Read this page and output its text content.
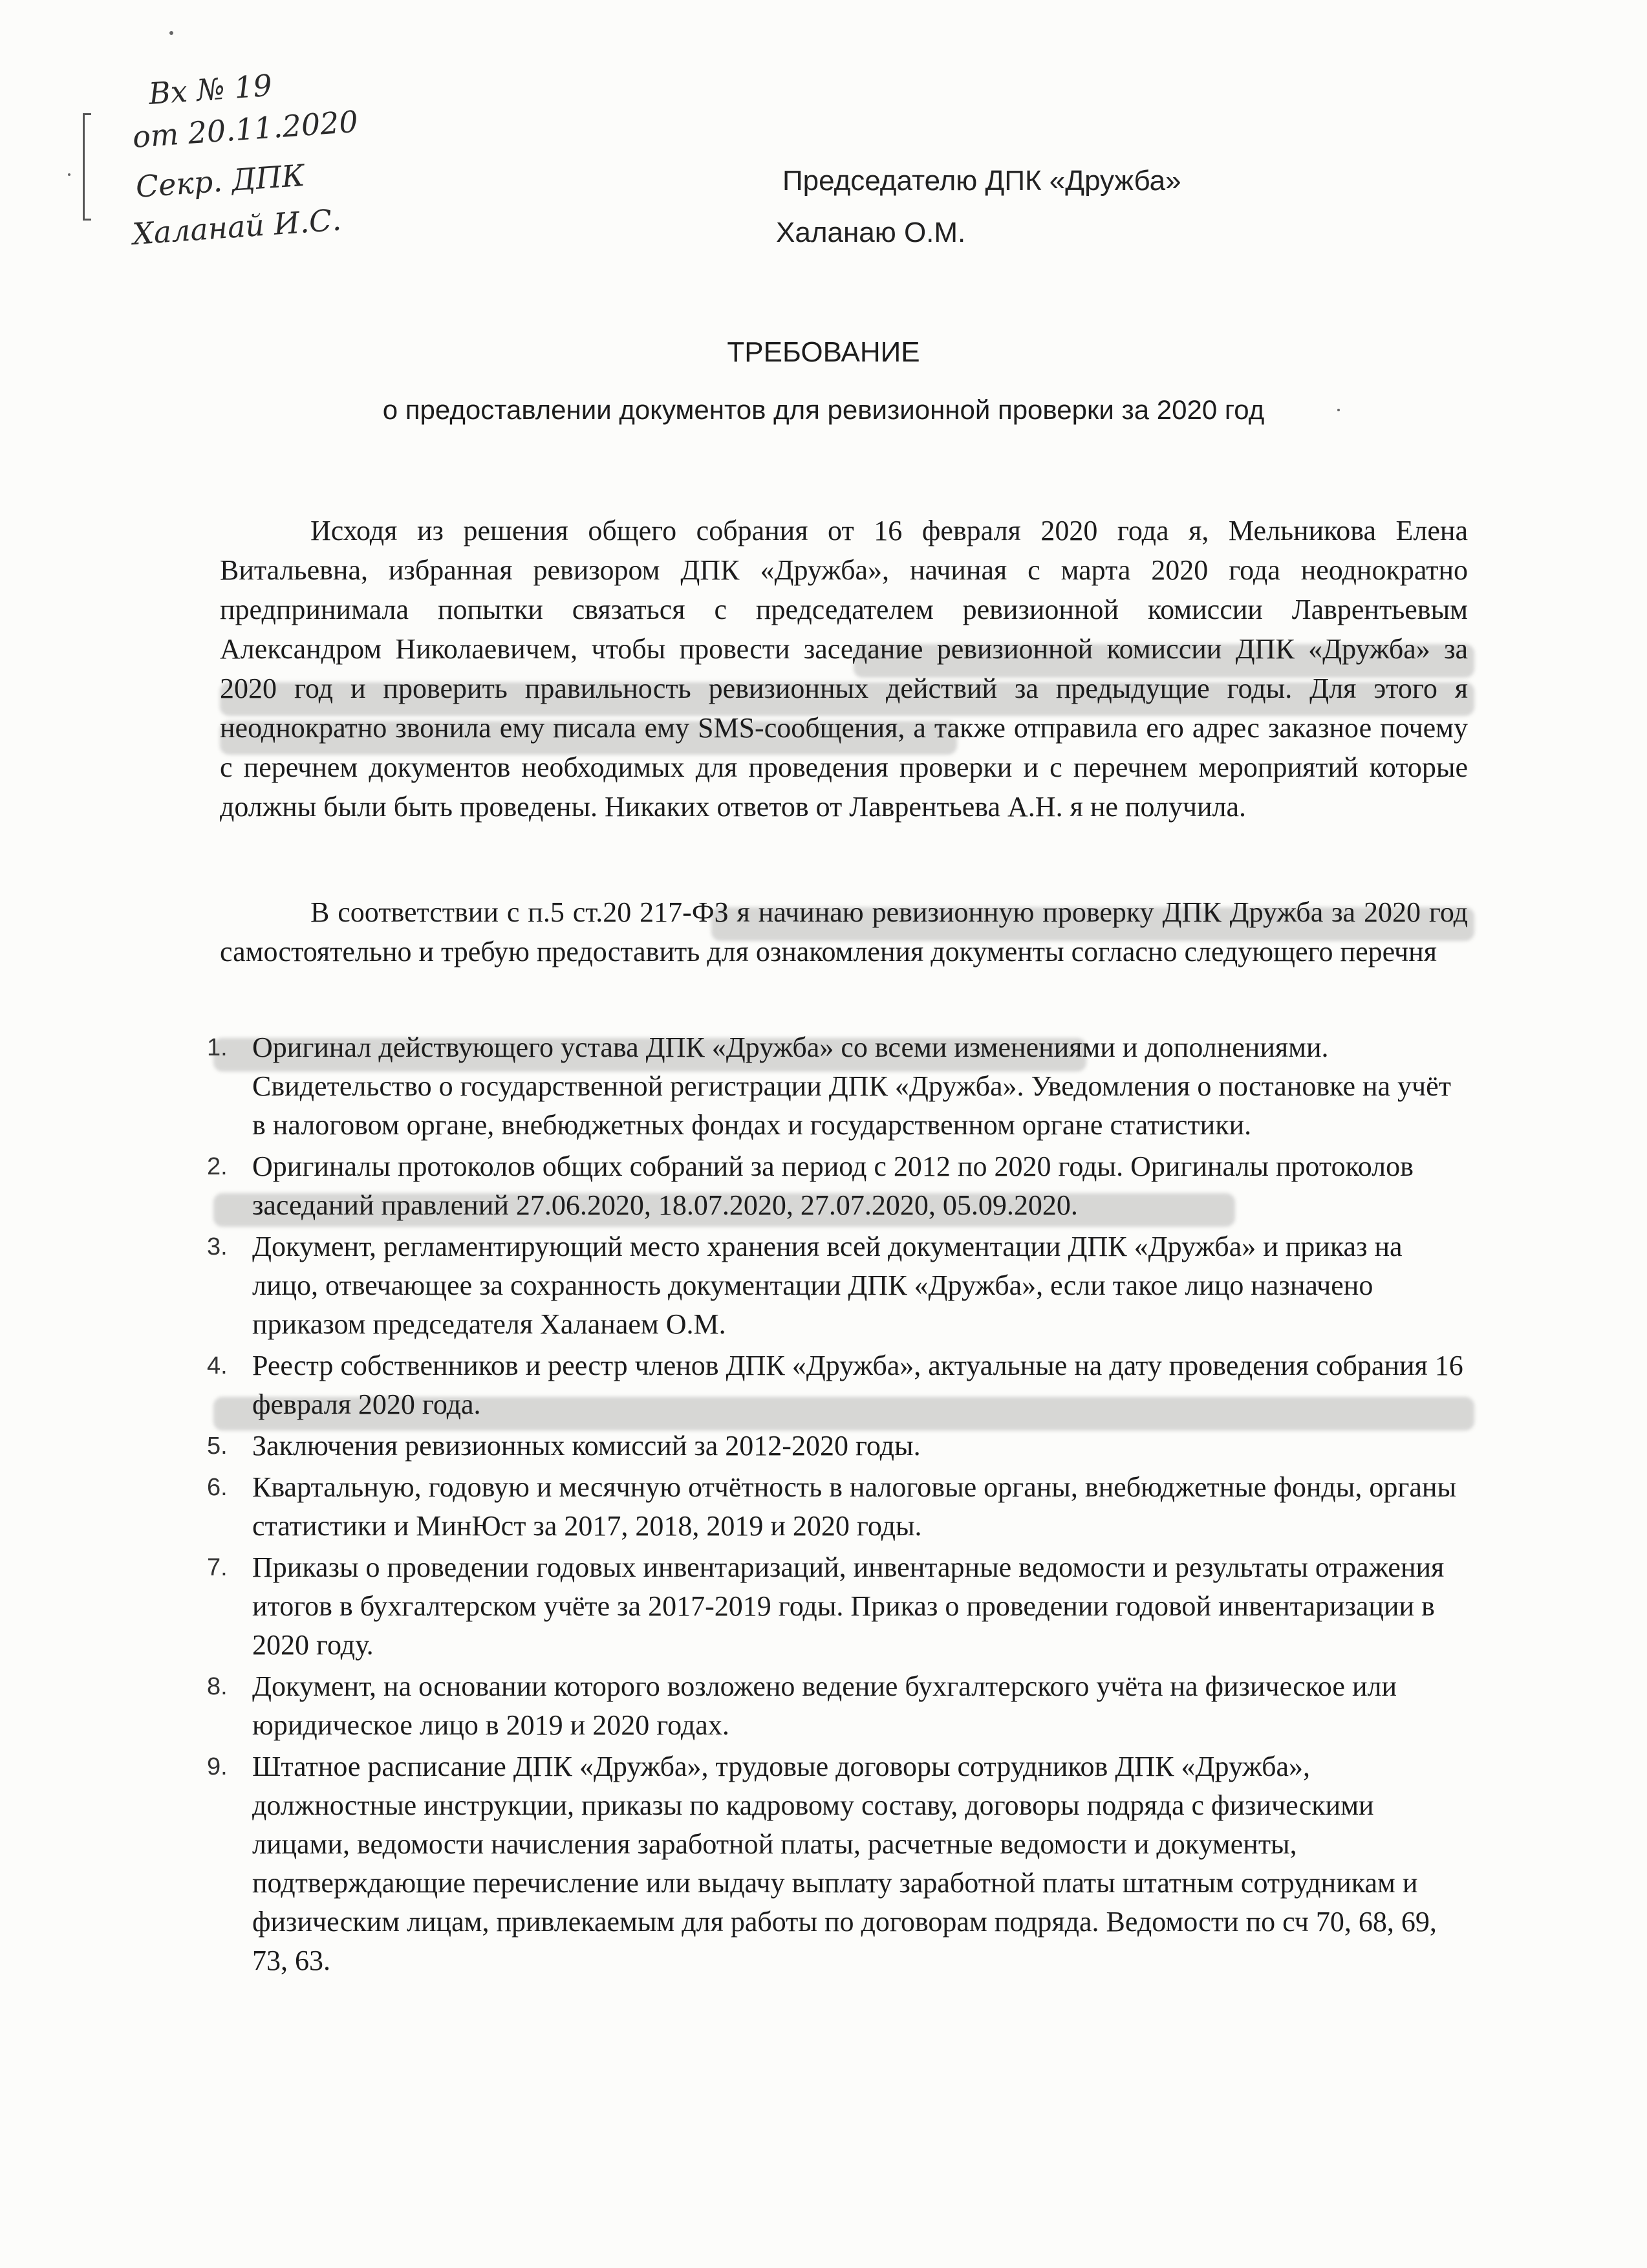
Вх № 19
от 20.11.2020
Секр. ДПК
Халанай И.С.
Председателю ДПК «Дружба»
Халанаю О.М.
ТРЕБОВАНИЕ
о предоставлении документов для ревизионной проверки за 2020 год

Исходя из решения общего собрания от 16 февраля 2020 года я, Мельникова Елена Витальевна, избранная ревизором ДПК «Дружба», начиная с марта 2020 года неоднократно предпринимала попытки связаться с председателем ревизионной комиссии Лаврентьевым Александром Николаевичем, чтобы провести заседание ревизионной комиссии ДПК «Дружба» за 2020 год и проверить правильность ревизионных действий за предыдущие годы. Для этого я неоднократно звонила ему писала ему SMS-сообщения, а также отправила его адрес заказное почему с перечнем документов необходимых для проведения проверки и с перечнем мероприятий которые должны были быть проведены. Никаких ответов от Лаврентьева А.Н. я не получила.

В соответствии с п.5 ст.20 217-ФЗ я начинаю ревизионную проверку ДПК Дружба за 2020 год самостоятельно и требую предоставить для ознакомления документы согласно следующего перечня

1. Оригинал действующего устава ДПК «Дружба» со всеми изменениями и дополнениями. Свидетельство о государственной регистрации ДПК «Дружба». Уведомления о постановке на учёт в налоговом органе, внебюджетных фондах и государственном органе статистики.
2. Оригиналы протоколов общих собраний за период с 2012 по 2020 годы. Оригиналы протоколов заседаний правлений 27.06.2020, 18.07.2020, 27.07.2020, 05.09.2020.
3. Документ, регламентирующий место хранения всей документации ДПК «Дружба» и приказ на лицо, отвечающее за сохранность документации ДПК «Дружба», если такое лицо назначено приказом председателя Халанаем О.М.
4. Реестр собственников и реестр членов ДПК «Дружба», актуальные на дату проведения собрания 16 февраля 2020 года.
5. Заключения ревизионных комиссий за 2012-2020 годы.
6. Квартальную, годовую и месячную отчётность в налоговые органы, внебюджетные фонды, органы статистики и МинЮст за 2017, 2018, 2019 и 2020 годы.
7. Приказы о проведении годовых инвентаризаций, инвентарные ведомости и результаты отражения итогов в бухгалтерском учёте за 2017-2019 годы. Приказ о проведении годовой инвентаризации в 2020 году.
8. Документ, на основании которого возложено ведение бухгалтерского учёта на физическое или юридическое лицо в 2019 и 2020 годах.
9. Штатное расписание ДПК «Дружба», трудовые договоры сотрудников ДПК «Дружба», должностные инструкции, приказы по кадровому составу, договоры подряда с физическими лицами, ведомости начисления заработной платы, расчетные ведомости и документы, подтверждающие перечисление или выдачу выплату заработной платы штатным сотрудникам и физическим лицам, привлекаемым для работы по договорам подряда. Ведомости по сч 70, 68, 69, 73, 63.
